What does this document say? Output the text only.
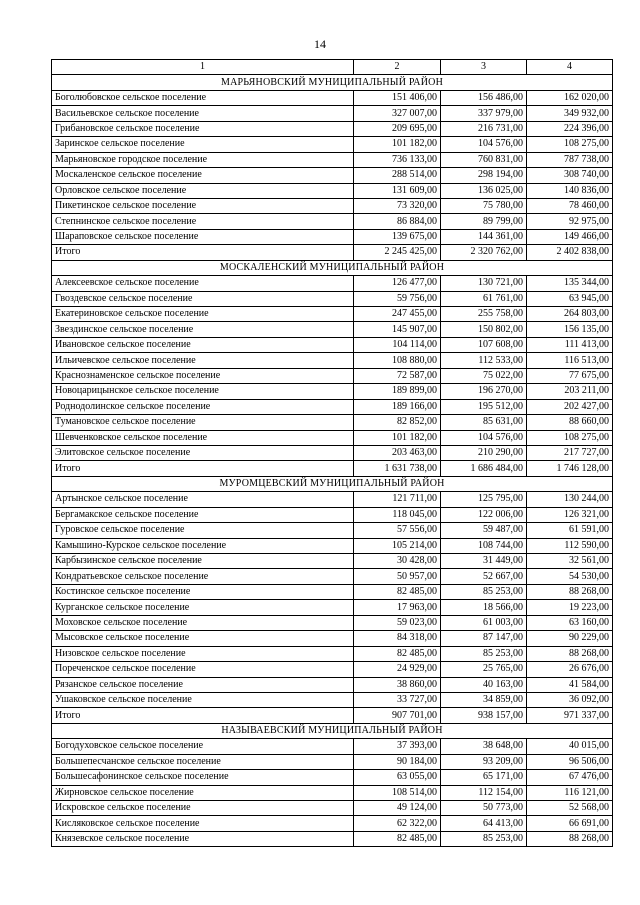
14
1	2	3	4
МАРЬЯНОВСКИЙ МУНИЦИПАЛЬНЫЙ РАЙОН			
Боголюбовское сельское поселение	151 406,00	156 486,00	162 020,00
Васильевское сельское поселение	327 007,00	337 979,00	349 932,00
Грибановское сельское поселение	209 695,00	216 731,00	224 396,00
Заринское сельское поселение	101 182,00	104 576,00	108 275,00
Марьяновское городское поселение	736 133,00	760 831,00	787 738,00
Москаленское сельское поселение	288 514,00	298 194,00	308 740,00
Орловское сельское поселение	131 609,00	136 025,00	140 836,00
Пикетинское сельское поселение	73 320,00	75 780,00	78 460,00
Степнинское сельское поселение	86 884,00	89 799,00	92 975,00
Шараповское сельское поселение	139 675,00	144 361,00	149 466,00
Итого	2 245 425,00	2 320 762,00	2 402 838,00
МОСКАЛЕНСКИЙ МУНИЦИПАЛЬНЫЙ РАЙОН			
Алексеевское сельское поселение	126 477,00	130 721,00	135 344,00
Гвоздевское сельское поселение	59 756,00	61 761,00	63 945,00
Екатериновское сельское поселение	247 455,00	255 758,00	264 803,00
Звездинское сельское поселение	145 907,00	150 802,00	156 135,00
Ивановское сельское поселение	104 114,00	107 608,00	111 413,00
Ильичевское сельское поселение	108 880,00	112 533,00	116 513,00
Краснознаменское сельское поселение	72 587,00	75 022,00	77 675,00
Новоцарицынское сельское поселение	189 899,00	196 270,00	203 211,00
Роднодолинское сельское поселение	189 166,00	195 512,00	202 427,00
Тумановское сельское поселение	82 852,00	85 631,00	88 660,00
Шевченковское сельское поселение	101 182,00	104 576,00	108 275,00
Элитовское сельское поселение	203 463,00	210 290,00	217 727,00
Итого	1 631 738,00	1 686 484,00	1 746 128,00
МУРОМЦЕВСКИЙ МУНИЦИПАЛЬНЫЙ РАЙОН			
Артынское сельское поселение	121 711,00	125 795,00	130 244,00
Бергамакское сельское поселение	118 045,00	122 006,00	126 321,00
Гуровское сельское поселение	57 556,00	59 487,00	61 591,00
Камышино-Курское сельское поселение	105 214,00	108 744,00	112 590,00
Карбызинское сельское поселение	30 428,00	31 449,00	32 561,00
Кондратьевское сельское поселение	50 957,00	52 667,00	54 530,00
Костинское сельское поселение	82 485,00	85 253,00	88 268,00
Курганское сельское поселение	17 963,00	18 566,00	19 223,00
Моховское сельское поселение	59 023,00	61 003,00	63 160,00
Мысовское сельское поселение	84 318,00	87 147,00	90 229,00
Низовское сельское поселение	82 485,00	85 253,00	88 268,00
Пореченское сельское поселение	24 929,00	25 765,00	26 676,00
Рязанское сельское поселение	38 860,00	40 163,00	41 584,00
Ушаковское сельское поселение	33 727,00	34 859,00	36 092,00
Итого	907 701,00	938 157,00	971 337,00
НАЗЫВАЕВСКИЙ МУНИЦИПАЛЬНЫЙ РАЙОН			
Богодуховское сельское поселение	37 393,00	38 648,00	40 015,00
Большепесчанское сельское поселение	90 184,00	93 209,00	96 506,00
Большесафонинское сельское поселение	63 055,00	65 171,00	67 476,00
Жирновское сельское поселение	108 514,00	112 154,00	116 121,00
Искровское сельское поселение	49 124,00	50 773,00	52 568,00
Кисляковское сельское поселение	62 322,00	64 413,00	66 691,00
Князевское сельское поселение	82 485,00	85 253,00	88 268,00
